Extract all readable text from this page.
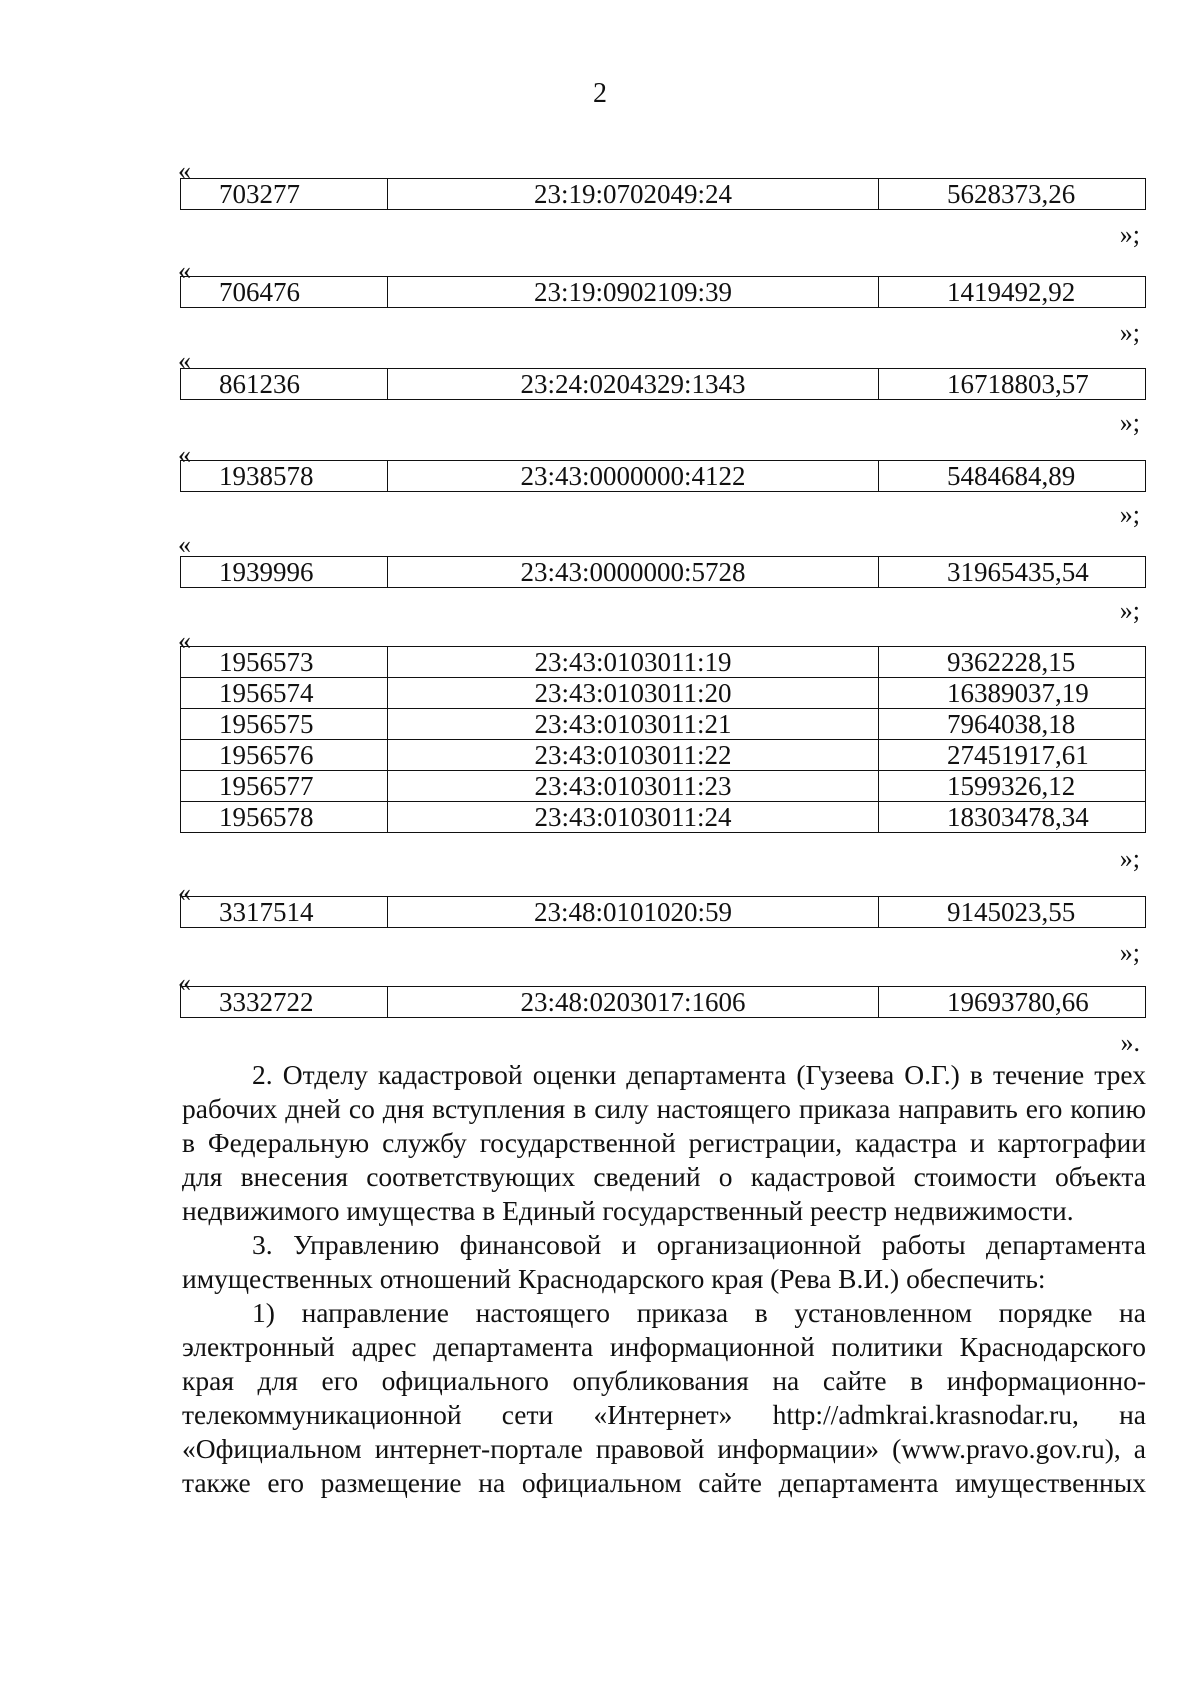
2
«
703277	23:19:0702049:24	5628373,26
»;
«
706476	23:19:0902109:39	1419492,92
»;
«
861236	23:24:0204329:1343	16718803,57
»;
«
1938578	23:43:0000000:4122	5484684,89
»;
«
1939996	23:43:0000000:5728	31965435,54
»;
«
1956573	23:43:0103011:19	9362228,15
1956574	23:43:0103011:20	16389037,19
1956575	23:43:0103011:21	7964038,18
1956576	23:43:0103011:22	27451917,61
1956577	23:43:0103011:23	1599326,12
1956578	23:43:0103011:24	18303478,34
»;
«
3317514	23:48:0101020:59	9145023,55
»;
«
3332722	23:48:0203017:1606	19693780,66
».

2. Отделу кадастровой оценки департамента (Гузеева О.Г.) в течение трех рабочих дней со дня вступления в силу настоящего приказа направить его копию в Федеральную службу государственной регистрации, кадастра и картографии для внесения соответствующих сведений о кадастровой стоимости объекта недвижимого имущества в Единый государственный реестр недвижимости.

3. Управлению финансовой и организационной работы департамента имущественных отношений Краснодарского края (Рева В.И.) обеспечить:

1) направление настоящего приказа в установленном порядке на электронный адрес департамента информационной политики Краснодарского края для его официального опубликования на сайте в информационно-телекоммуникационной сети «Интернет» http://admkrai.krasnodar.ru, на «Официальном интернет-портале правовой информации» (www.pravo.gov.ru), а также его размещение на официальном сайте департамента имущественных
